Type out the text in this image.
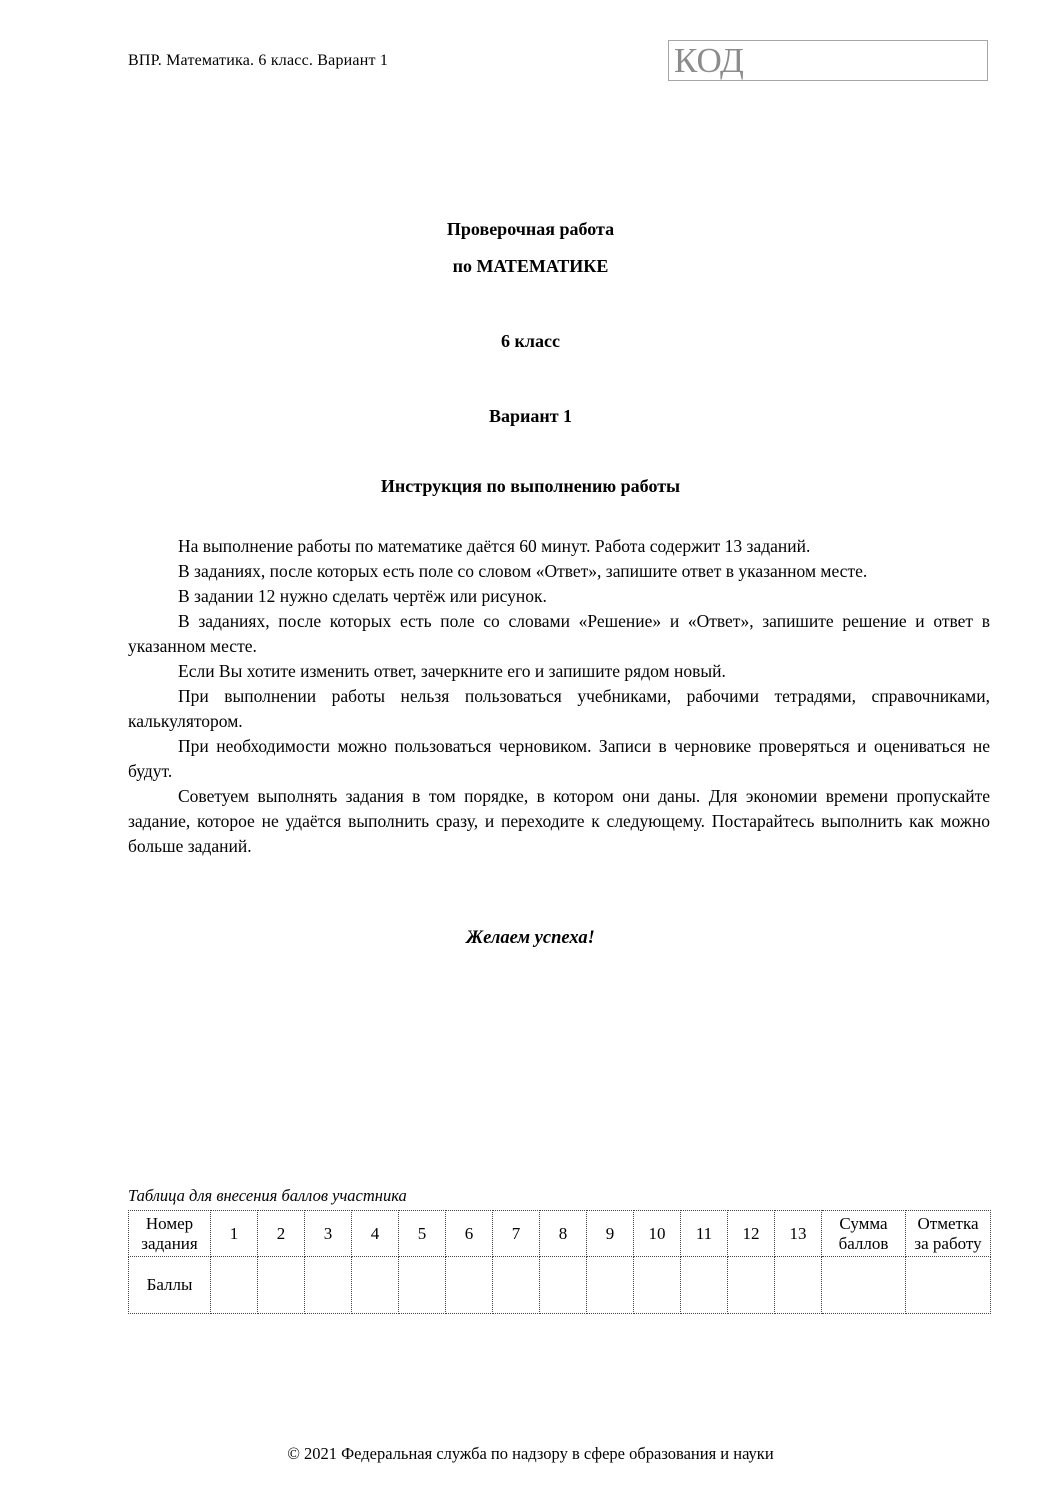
ВПР. Математика. 6 класс. Вариант 1	КОД
Проверочная работа
по МАТЕМАТИКЕ
6 класс
Вариант 1
Инструкция по выполнению работы

На выполнение работы по математике даётся 60 минут. Работа содержит 13 заданий.

В заданиях, после которых есть поле со словом «Ответ», запишите ответ в указанном месте.

В задании 12 нужно сделать чертёж или рисунок.

В заданиях, после которых есть поле со словами «Решение» и «Ответ», запишите решение и ответ в указанном месте.

Если Вы хотите изменить ответ, зачеркните его и запишите рядом новый.

При выполнении работы нельзя пользоваться учебниками, рабочими тетрадями, справочниками, калькулятором.

При необходимости можно пользоваться черновиком. Записи в черновике проверяться и оцениваться не будут.

Советуем выполнять задания в том порядке, в котором они даны. Для экономии времени пропускайте задание, которое не удаётся выполнить сразу, и переходите к следующему. Постарайтесь выполнить как можно больше заданий.

Желаем успеха!
Таблица для внесения баллов участника
Номер задания	1	2	3	4	5	6	7	8	9	10	11	12	13	Сумма баллов	Отметка за работу
Баллы															
© 2021 Федеральная служба по надзору в сфере образования и науки
